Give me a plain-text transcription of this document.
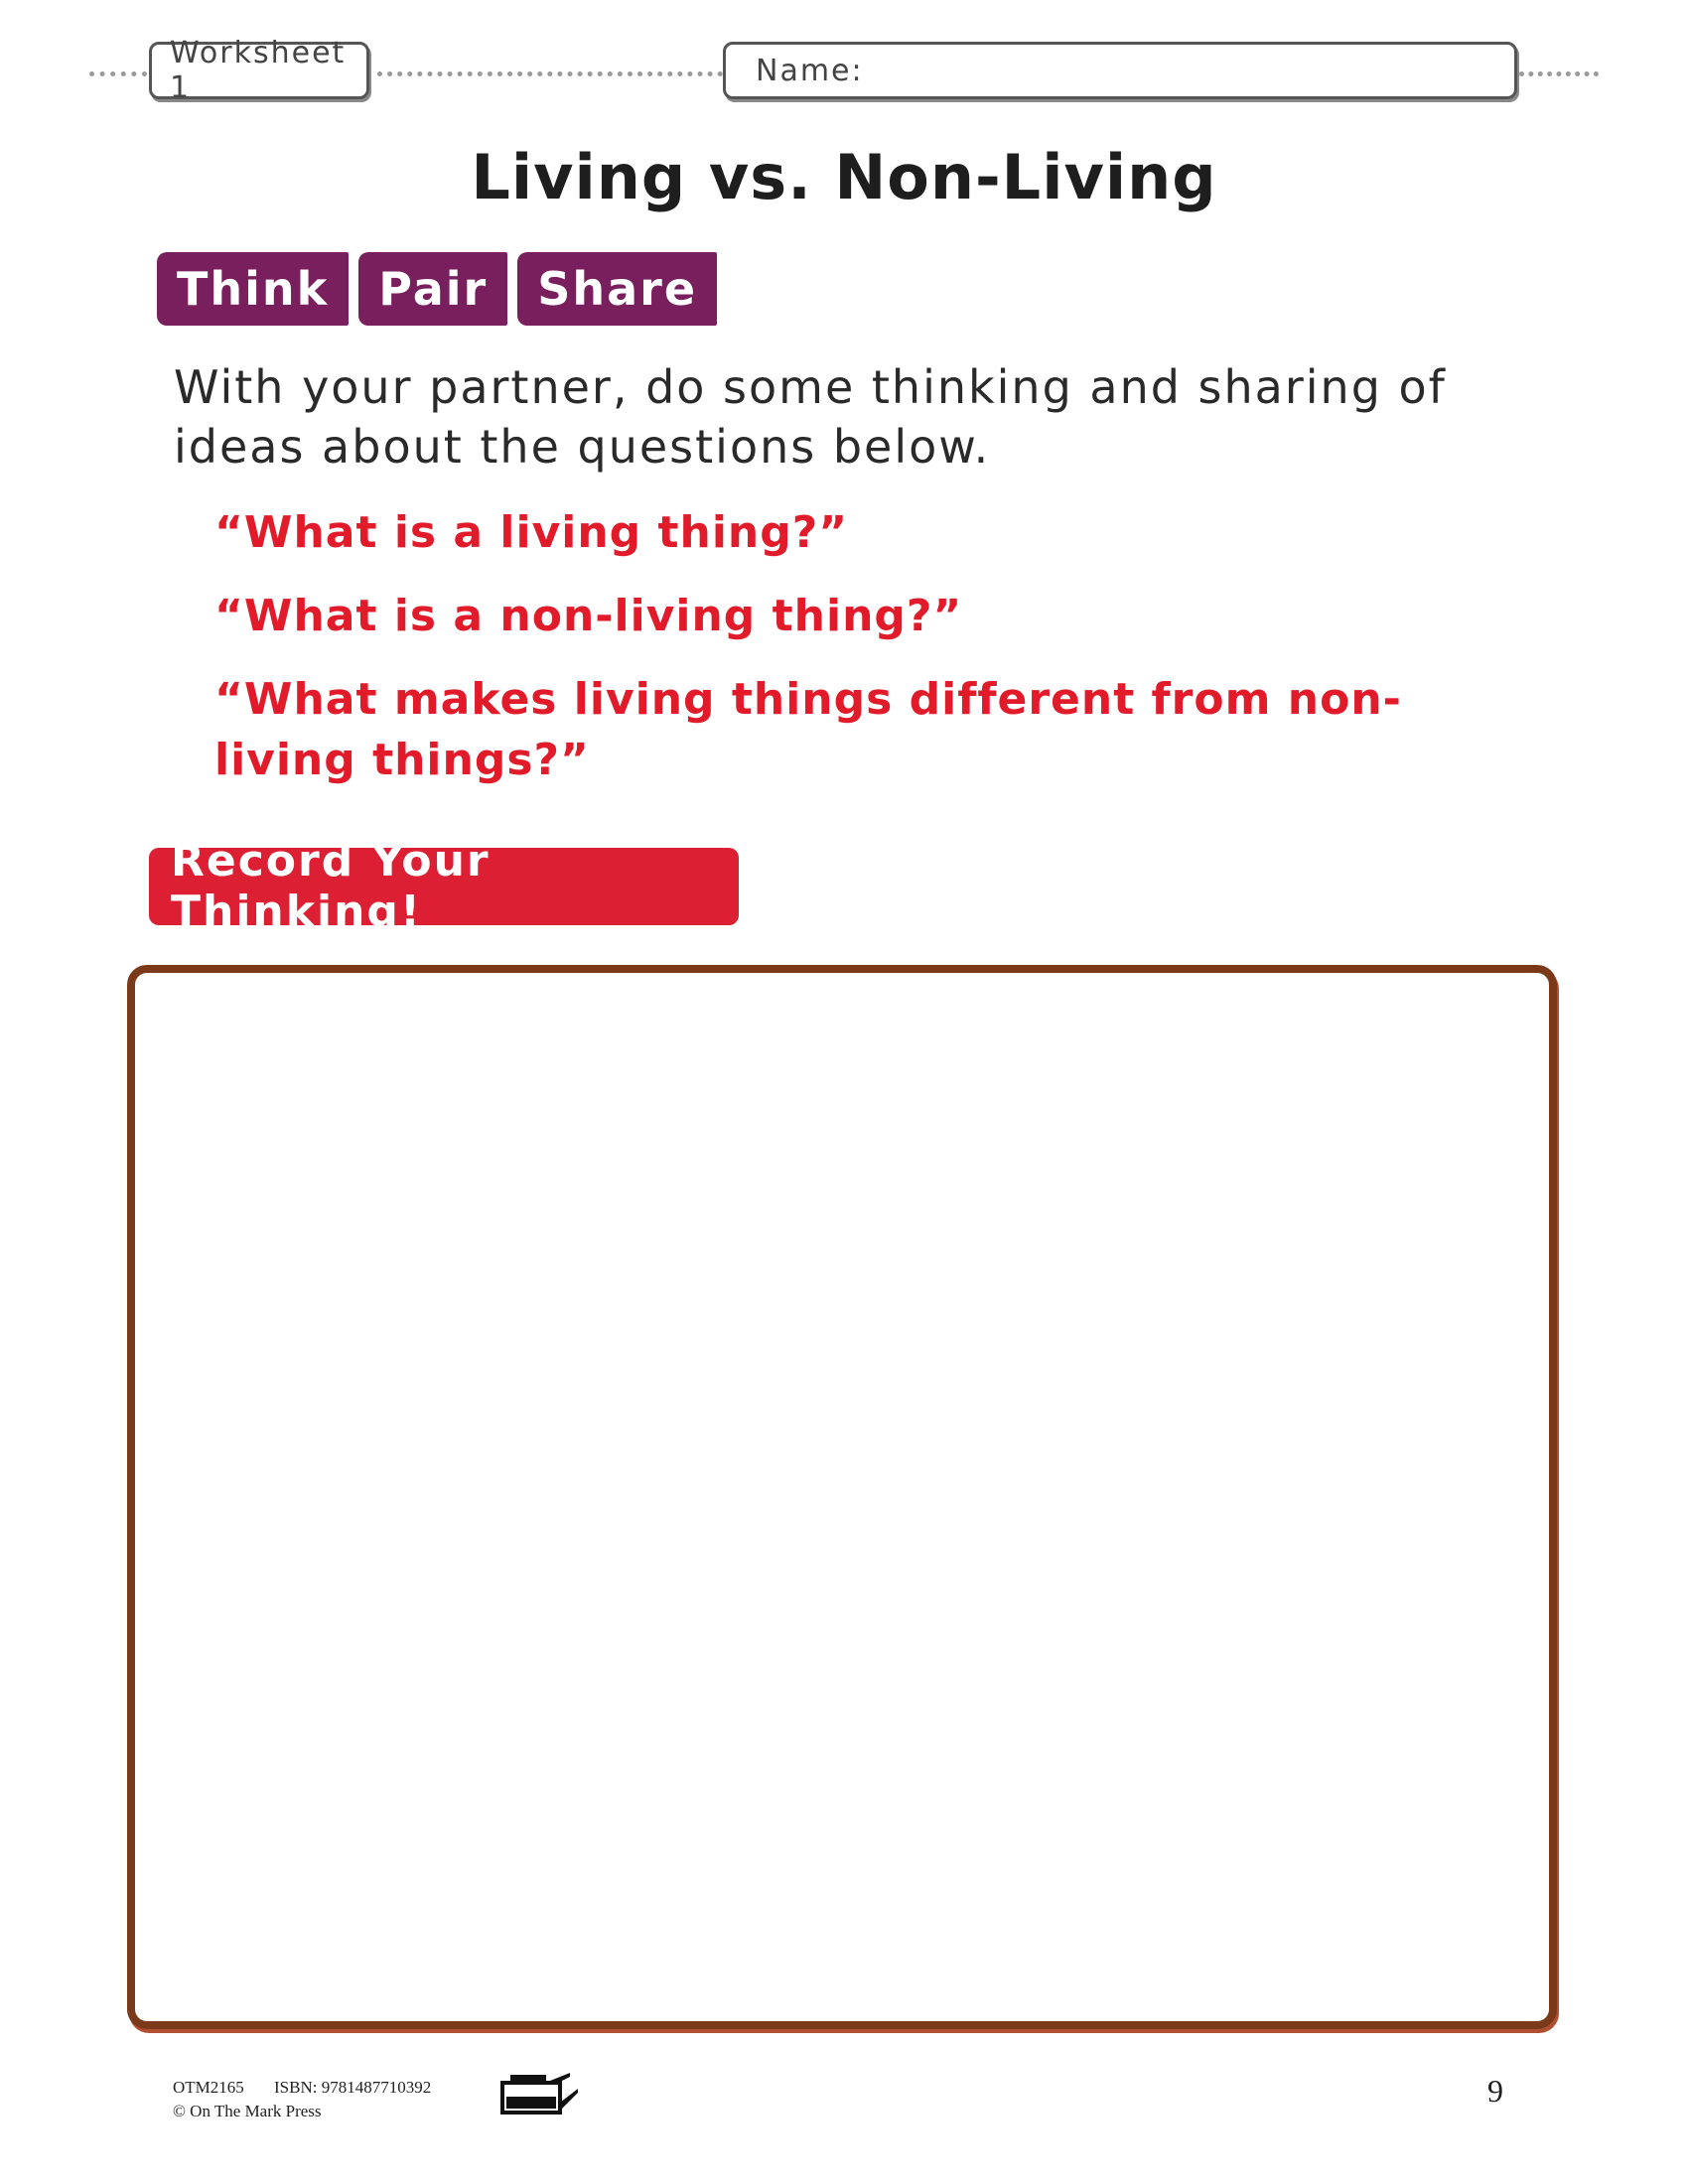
Worksheet 1	Name:
Living vs. Non-Living
Think	Pair	Share
With your partner, do some thinking and sharing of ideas about the questions below.
“What is a living thing?”
“What is a non-living thing?”
“What makes living things different from non-living things?”
Record Your Thinking!
OTM2165 ISBN: 9781487710392
© On The Mark Press
9
